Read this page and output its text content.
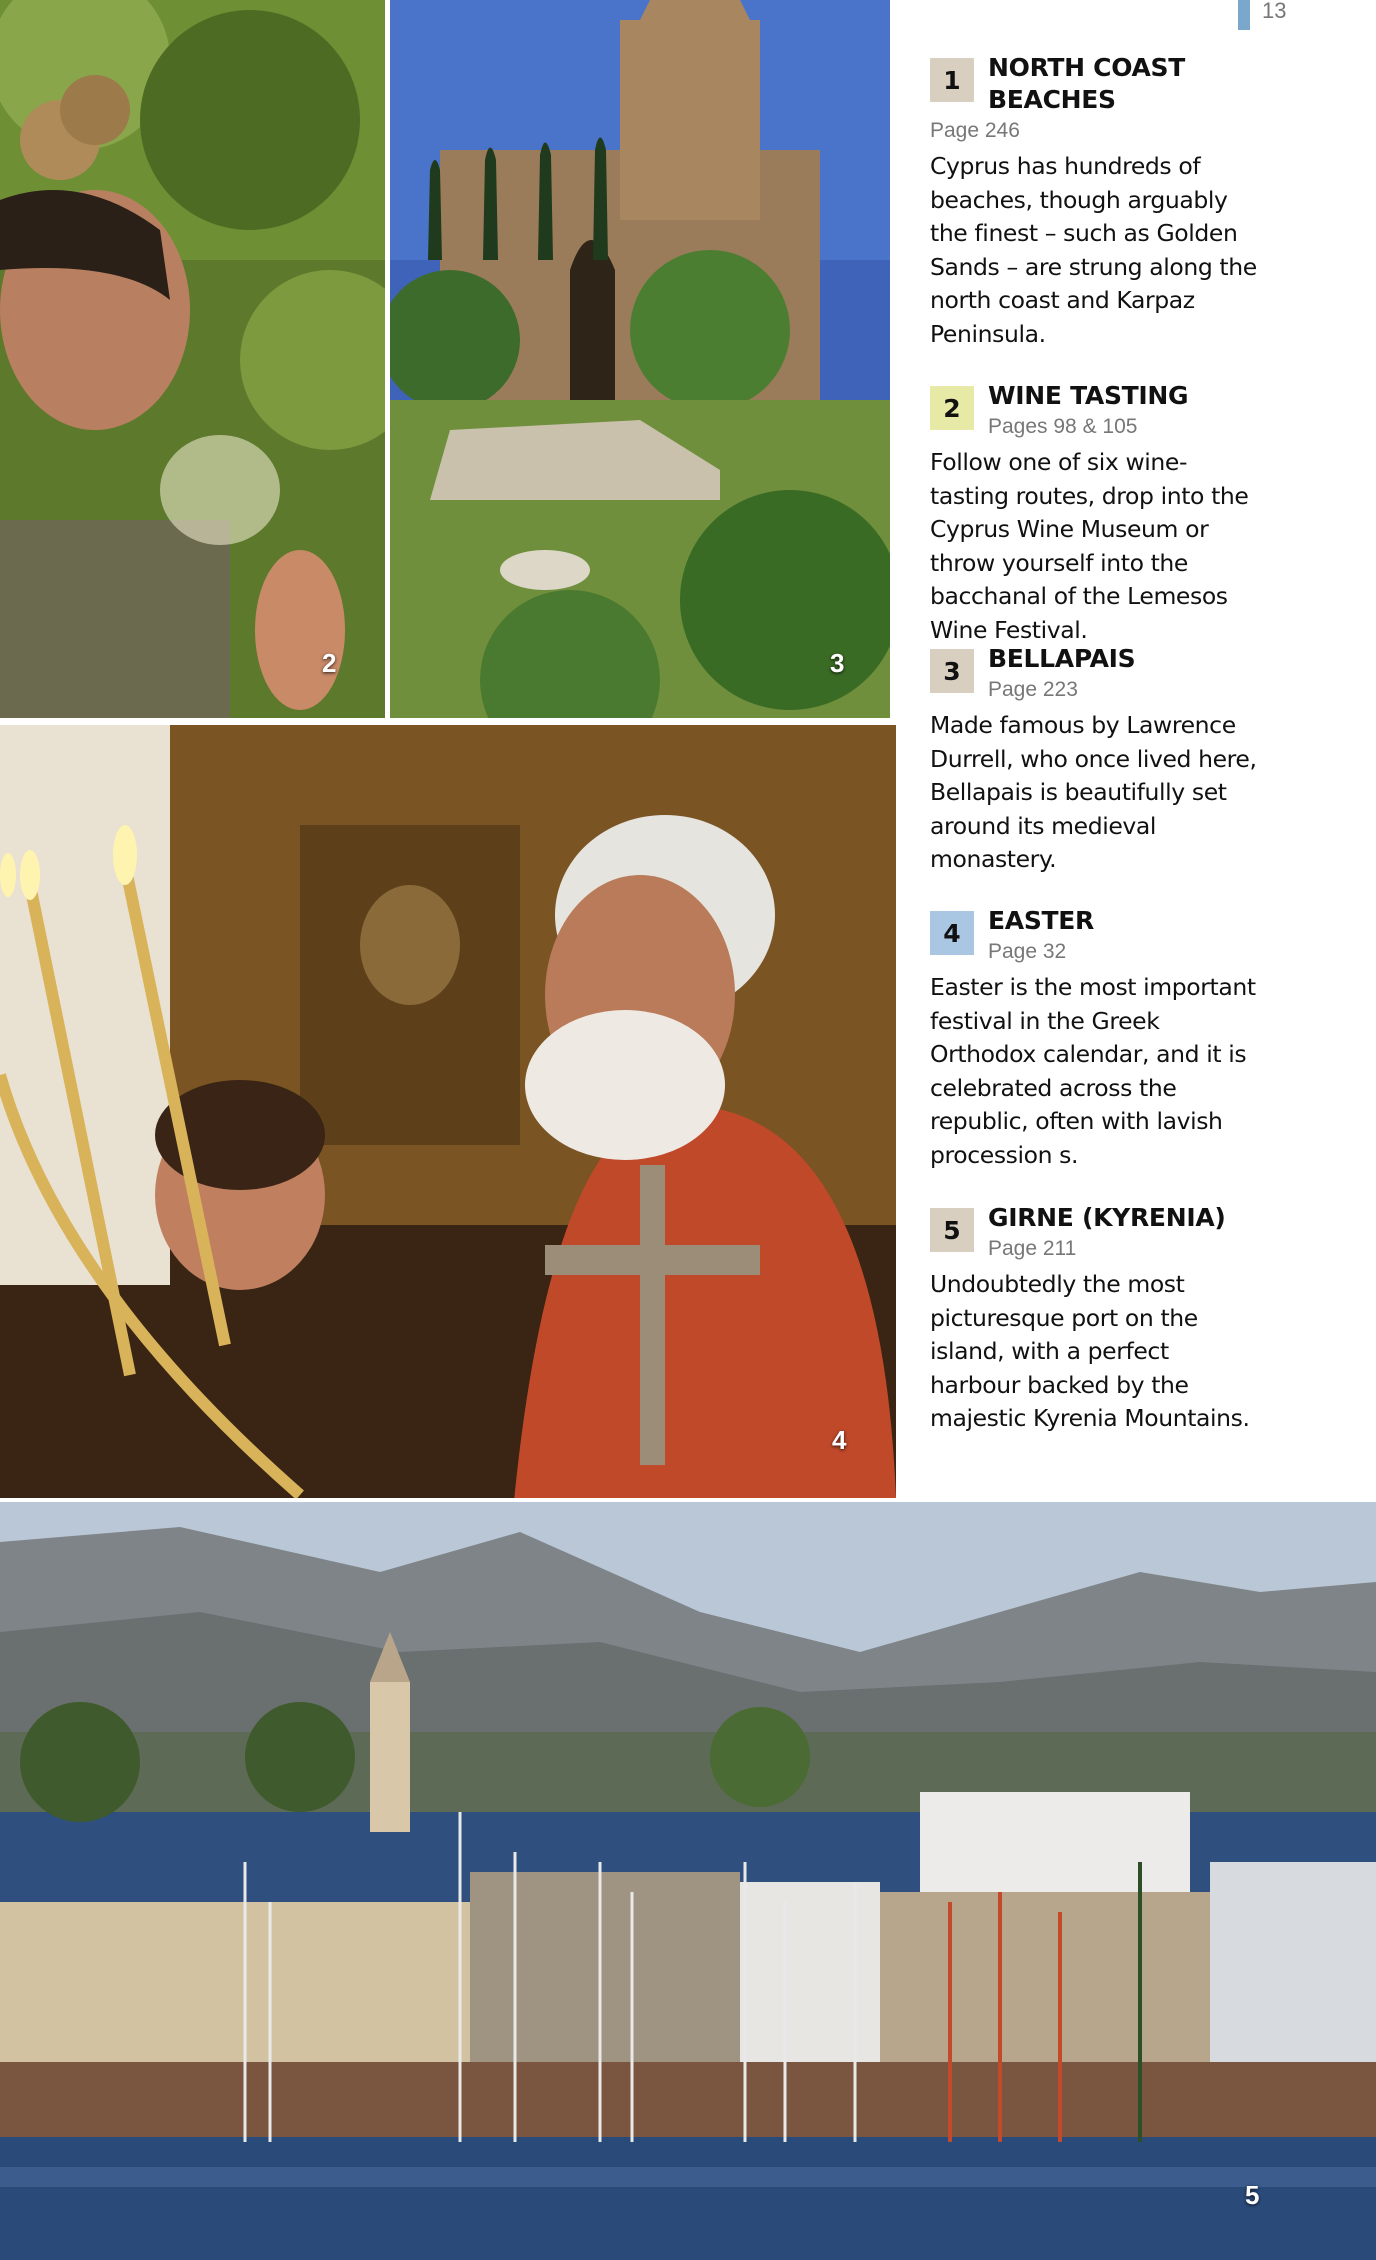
13
2	3
4
5
1	NORTH COAST
BEACHES
Page 246
Cyprus has hundreds of beaches, though arguably the finest – such as Golden Sands – are strung along the north coast and Karpaz Peninsula.
2	WINE TASTING
Pages 98 & 105
Follow one of six wine-tasting routes, drop into the Cyprus Wine Museum or throw yourself into the bacchanal of the Lemesos Wine Festival.
3	BELLAPAIS
Page 223
Made famous by Lawrence Durrell, who once lived here, Bellapais is beautifully set around its medieval monastery.
4	EASTER
Page 32
Easter is the most important festival in the Greek Orthodox calendar, and it is celebrated across the republic, often with lavish procession s.
5	GIRNE (KYRENIA)
Page 211
Undoubtedly the most picturesque port on the island, with a perfect harbour backed by the majestic Kyrenia Mountains.
